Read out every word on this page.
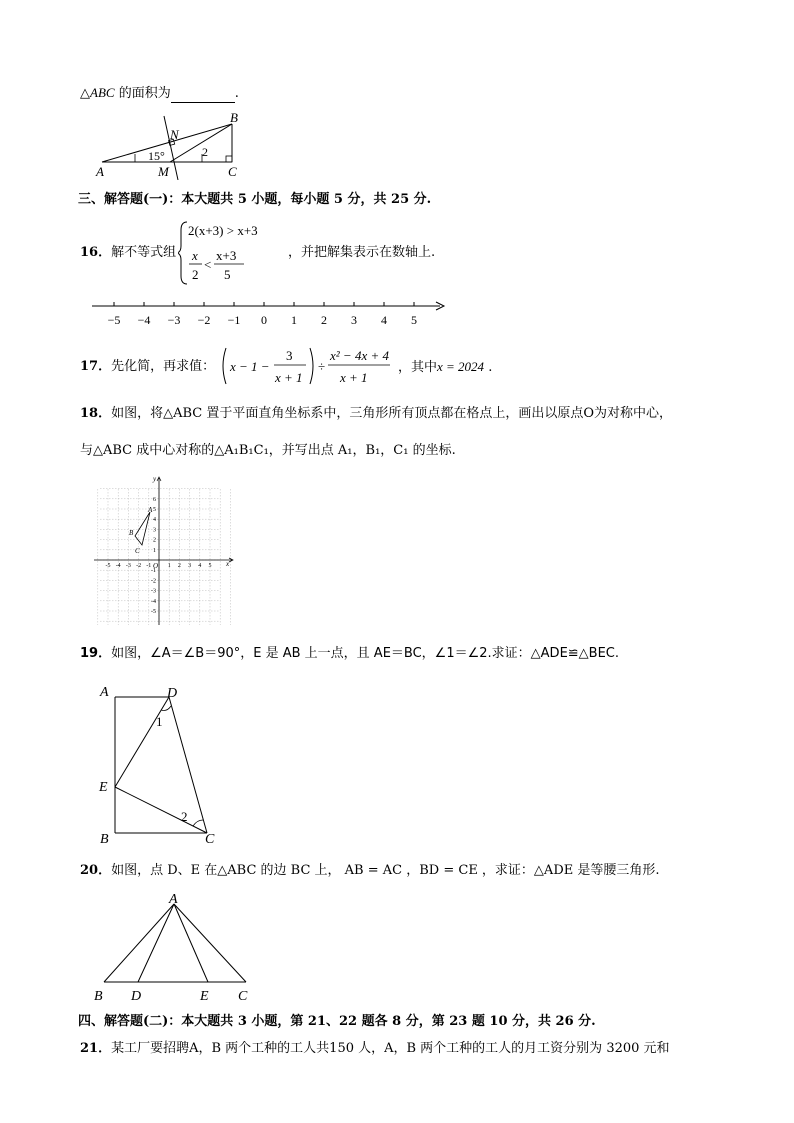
△ABC 的面积为	.
A	M	C
B
N
15°	2
三、解答题(一)：本大题共 5 小题，每小题 5 分，共 25 分.
16．解不等式组
2(x+3) > x+3
x
2
<
x+3
5
，并把解集表示在数轴上.
−5 −4 −3 −2 −1 0 1 2 3 4 5
17．先化简，再求值： x − 1 −
3
x + 1
÷
x² − 4x + 4
x + 1
，其中x = 2024 .
18．如图，将△ABC 置于平面直角坐标系中，三角形所有顶点都在格点上，画出以原点O为对称中心，
与△ABC 成中心对称的△A₁B₁C₁，并写出点 A₁，B₁，C₁ 的坐标.
x
y
O
-5 -4 -3 -2 -1	1 2 3 4 5
6
5
4
3
2
1
-1
-2
-3
-4
-5
A
B
C
19．如图，∠A＝∠B＝90°，E 是 AB 上一点，且 AE＝BC，∠1＝∠2.求证：△ADE≌△BEC.
A	D
E
B	C
1
2
20．如图，点 D、E 在△ABC 的边 BC 上， AB = AC ，BD = CE ，求证：△ADE 是等腰三角形.
A
B D	E C
四、解答题(二)：本大题共 3 小题，第 21、22 题各 8 分，第 23 题 10 分，共 26 分.
21．某工厂要招聘A，B 两个工种的工人共150 人，A，B 两个工种的工人的月工资分别为 3200 元和
